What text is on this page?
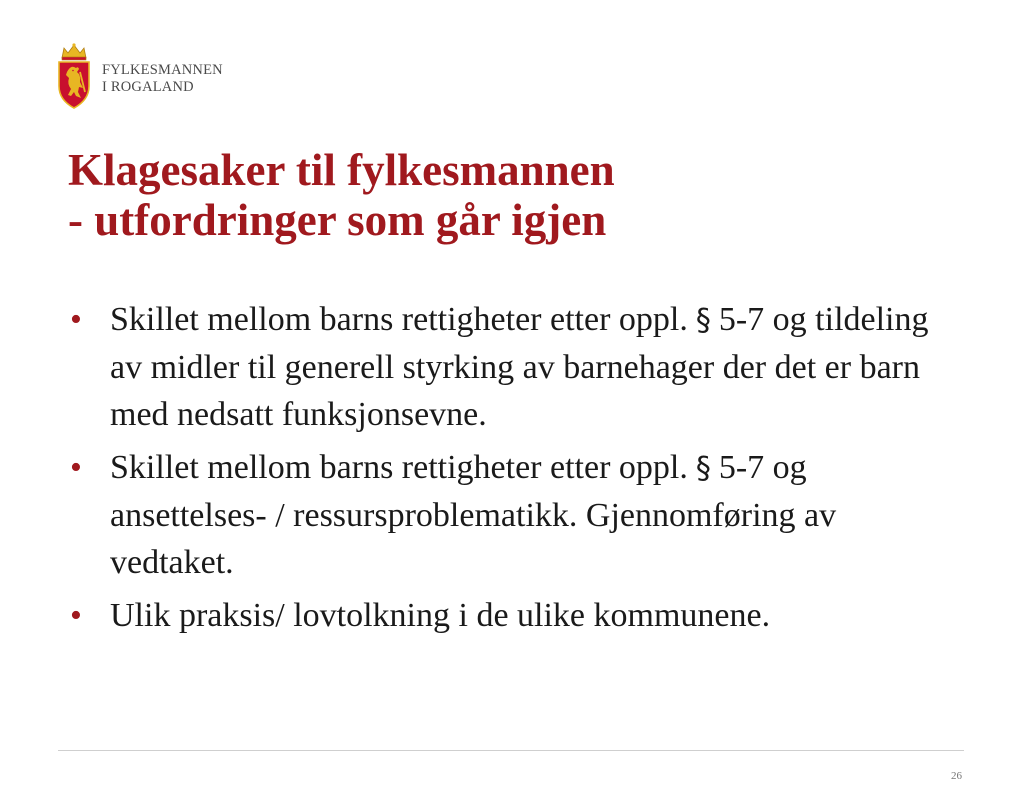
FYLKESMANNEN
I ROGALAND
Klagesaker til fylkesmannen
- utfordringer som går igjen
• Skillet mellom barns rettigheter etter oppl. § 5-7 og tildeling av midler til generell styrking av barnehager der det er barn med nedsatt funksjonsevne.
• Skillet mellom barns rettigheter etter oppl. § 5-7 og ansettelses- / ressursproblematikk. Gjennomføring av vedtaket.
• Ulik praksis/ lovtolkning i de ulike kommunene.
26
